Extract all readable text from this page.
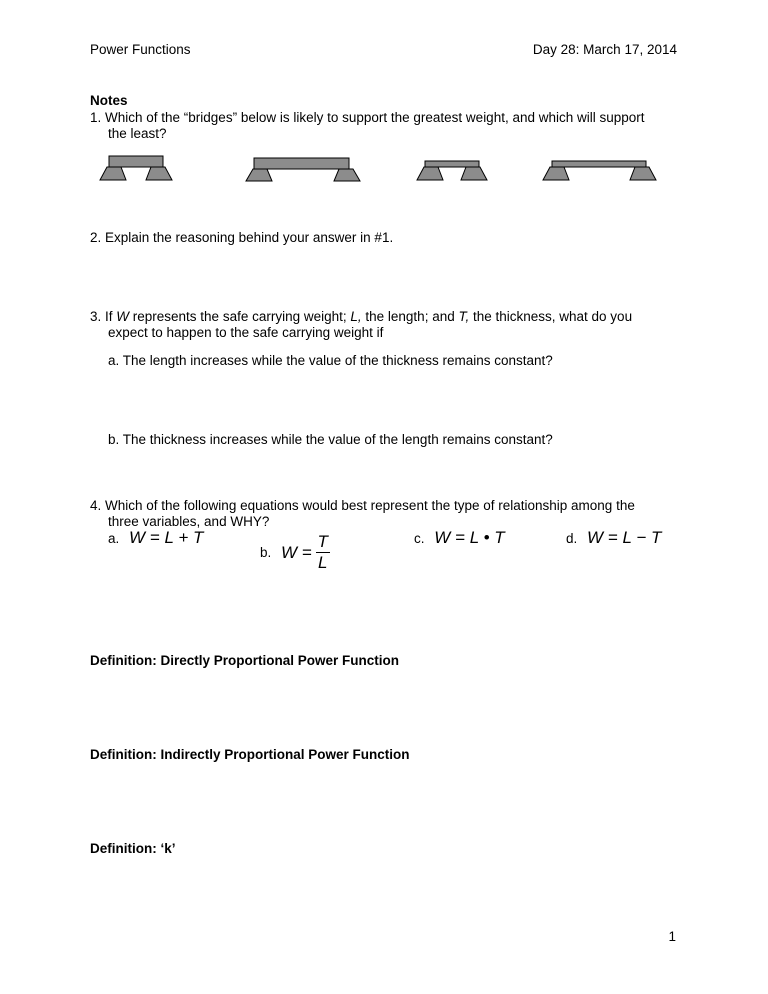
Power Functions	Day 28: March 17, 2014
Notes
1. Which of the “bridges” below is likely to support the greatest weight, and which will support
the least?
2. Explain the reasoning behind your answer in #1.
3. If W represents the safe carrying weight; L, the length; and T, the thickness, what do you
expect to happen to the safe carrying weight if
a. The length increases while the value of the thickness remains constant?
b. The thickness increases while the value of the length remains constant?
4. Which of the following equations would best represent the type of relationship among the
three variables, and WHY?
a. W = L + T
b. $W = \frac{T}{L}$	c. W = L • T	d. W = L − T
Definition: Directly Proportional Power Function
Definition: Indirectly Proportional Power Function
Definition: ‘k’
1
